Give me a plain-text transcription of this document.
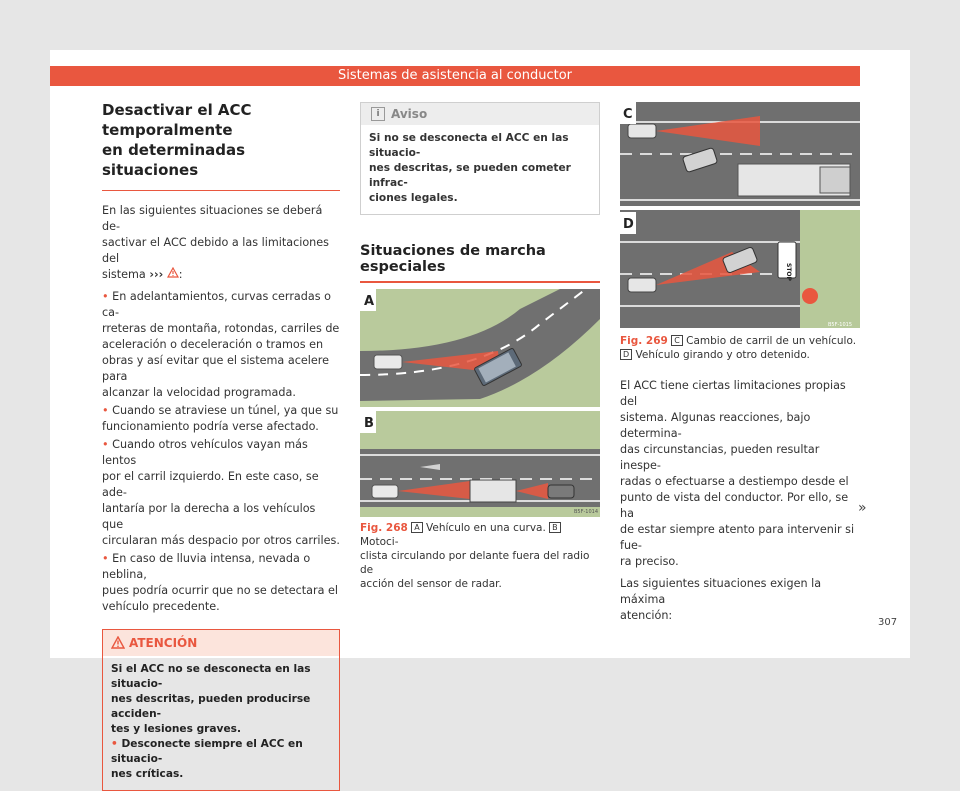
Sistemas de asistencia al conductor
Desactivar el ACC temporalmente
en determinadas situaciones
En las siguientes situaciones se deberá de-
sactivar el ACC debido a las limitaciones del
sistema ››› :
• En adelantamientos, curvas cerradas o ca-
rreteras de montaña, rotondas, carriles de
aceleración o deceleración o tramos en
obras y así evitar que el sistema acelere para
alcanzar la velocidad programada.
• Cuando se atraviese un túnel, ya que su
funcionamiento podría verse afectado.
• Cuando otros vehículos vayan más lentos
por el carril izquierdo. En este caso, se ade-
lantaría por la derecha a los vehículos que
circularan más despacio por otros carriles.
• En caso de lluvia intensa, nevada o neblina,
pues podría ocurrir que no se detectara el
vehículo precedente.
ATENCIÓN
Si el ACC no se desconecta en las situacio-
nes descritas, pueden producirse acciden-
tes y lesiones graves.
• Desconecte siempre el ACC en situacio-
nes críticas.
i Aviso
Si no se desconecta el ACC en las situacio-
nes descritas, se pueden cometer infrac-
ciones legales.
Situaciones de marcha especiales
A
B
B5F-1014
Fig. 268 A Vehículo en una curva. B Motoci-
clista circulando por delante fuera del radio de
acción del sensor de radar.
C
STOP
D
B5F-1015
Fig. 269 C Cambio de carril de un vehículo.
D Vehículo girando y otro detenido.
El ACC tiene ciertas limitaciones propias del
sistema. Algunas reacciones, bajo determina-
das circunstancias, pueden resultar inespe-
radas o efectuarse a destiempo desde el
punto de vista del conductor. Por ello, se ha
de estar siempre atento para intervenir si fue-
ra preciso.
Las siguientes situaciones exigen la máxima
atención:
»
307
